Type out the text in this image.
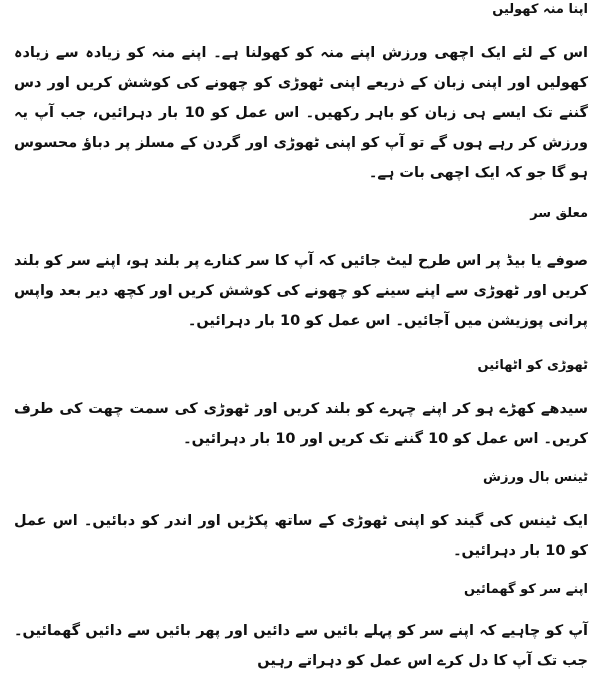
اپنا منہ کھولیں

اس کے لئے ایک اچھی ورزش اپنے منہ کو کھولنا ہے۔ اپنے منہ کو زیادہ سے زیادہ کھولیں اور اپنی زبان کے ذریعے اپنی ٹھوڑی کو چھونے کی کوشش کریں اور دس گننے تک ایسے ہی زبان کو باہر رکھیں۔ اس عمل کو 10 بار دہرائیں، جب آپ یہ ورزش کر رہے ہوں گے تو آپ کو اپنی ٹھوڑی اور گردن کے مسلز پر دباؤ محسوس ہو گا جو کہ ایک اچھی بات ہے۔

معلق سر

صوفے یا بیڈ پر اس طرح لیٹ جائیں کہ آپ کا سر کنارے پر بلند ہو، اپنے سر کو بلند کریں اور ٹھوڑی سے اپنے سینے کو چھونے کی کوشش کریں اور کچھ دیر بعد واپس پرانی پوزیشن میں آجائیں۔ اس عمل کو 10 بار دہرائیں۔

ٹھوڑی کو اٹھائیں

سیدھے کھڑے ہو کر اپنے چہرے کو بلند کریں اور ٹھوڑی کی سمت چھت کی طرف کریں۔ اس عمل کو 10 گننے تک کریں اور 10 بار دہرائیں۔

ٹینس بال ورزش

ایک ٹینس کی گیند کو اپنی ٹھوڑی کے ساتھ پکڑیں اور اندر کو دبائیں۔ اس عمل کو 10 بار دہرائیں۔

اپنے سر کو گھمائیں

آپ کو چاہیے کہ اپنے سر کو پہلے بائیں سے دائیں اور پھر بائیں سے دائیں گھمائیں۔ جب تک آپ کا دل کرے اس عمل کو دہراتے رہیں
